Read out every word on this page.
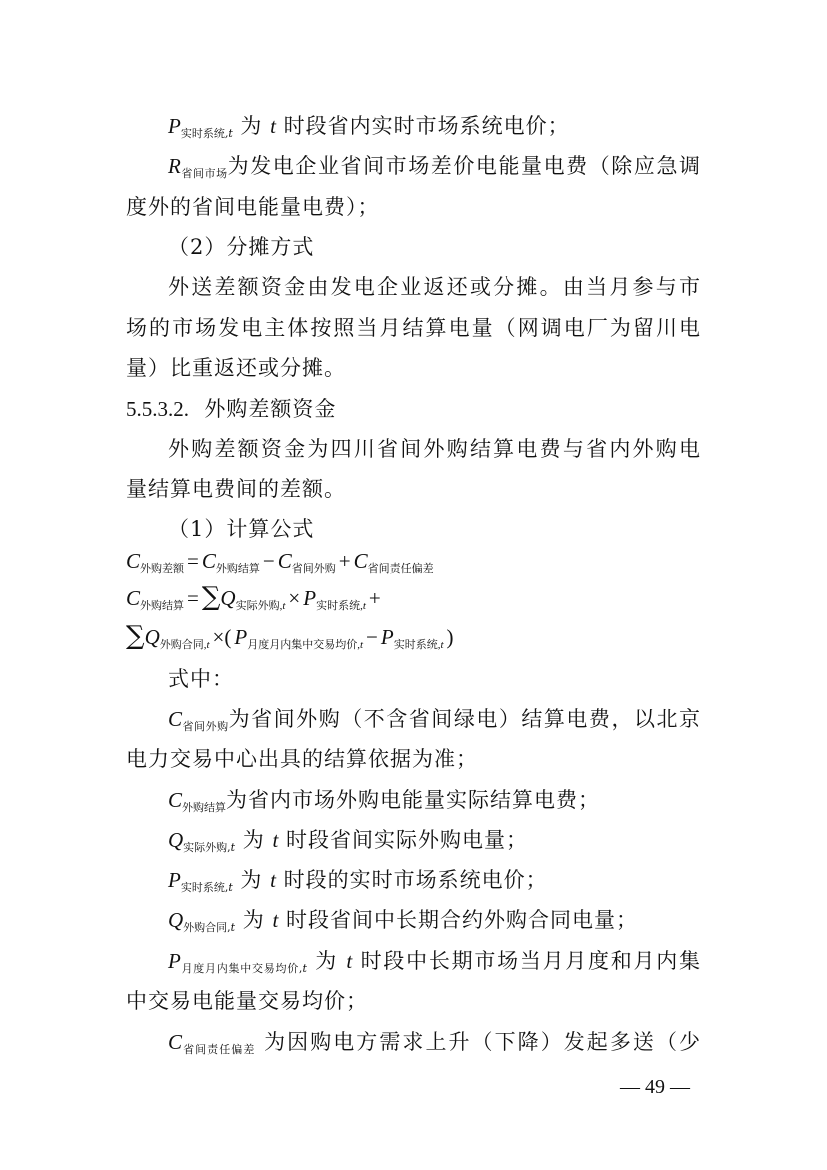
$P_{实时系统},t$ 为 t 时段省内实时市场系统电价；
$R_{省间市场}$为发电企业省间市场差价电能量电费（除应急调
度外的省间电能量电费）；
（2）分摊方式
外送差额资金由发电企业返还或分摊。由当月参与市
场的市场发电主体按照当月结算电量（网调电厂为留川电
量）比重返还或分摊。
5.5.3.2. 外购差额资金
外购差额资金为四川省间外购结算电费与省内外购电
量结算电费间的差额。
（1）计算公式
$C_{外购差额} = C_{外购结算} - C_{省间外购} + C_{省间责任偏差}$
$C_{外购结算} = \sum Q_{实际外购,}t \times P_{实时系统,}t$ +
$\sum Q_{外购合同,}t$ ×( $P_{月度月内集中交易均价,}t - P_{实时系统,}t$ )
式中：
$C_{省间外购}$为省间外购（不含省间绿电）结算电费，以北京
电力交易中心出具的结算依据为准；
$C_{外购结算}$为省内市场外购电能量实际结算电费；
$Q_{实际外购,}t$ 为 t 时段省间实际外购电量；
$P_{实时系统,}t$ 为 t 时段的实时市场系统电价；
$Q_{外购合同,}t$ 为 t 时段省间中长期合约外购合同电量；
$P_{月度月内集中交易均价,}t$ 为 t 时段中长期市场当月月度和月内集
中交易电能量交易均价；
$C_{省间责任偏差}$ 为因购电方需求上升（下降）发起多送（少
— 49 —
